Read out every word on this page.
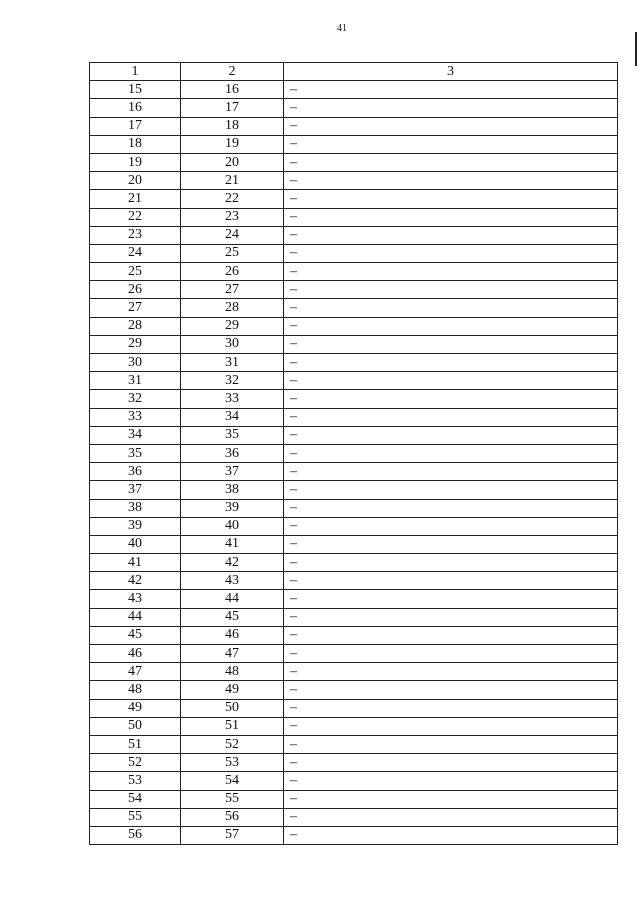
41
1	2	3
15	16	–
16	17	–
17	18	–
18	19	–
19	20	–
20	21	–
21	22	–
22	23	–
23	24	–
24	25	–
25	26	–
26	27	–
27	28	–
28	29	–
29	30	–
30	31	–
31	32	–
32	33	–
33	34	–
34	35	–
35	36	–
36	37	–
37	38	–
38	39	–
39	40	–
40	41	–
41	42	–
42	43	–
43	44	–
44	45	–
45	46	–
46	47	–
47	48	–
48	49	–
49	50	–
50	51	–
51	52	–
52	53	–
53	54	–
54	55	–
55	56	–
56	57	–
